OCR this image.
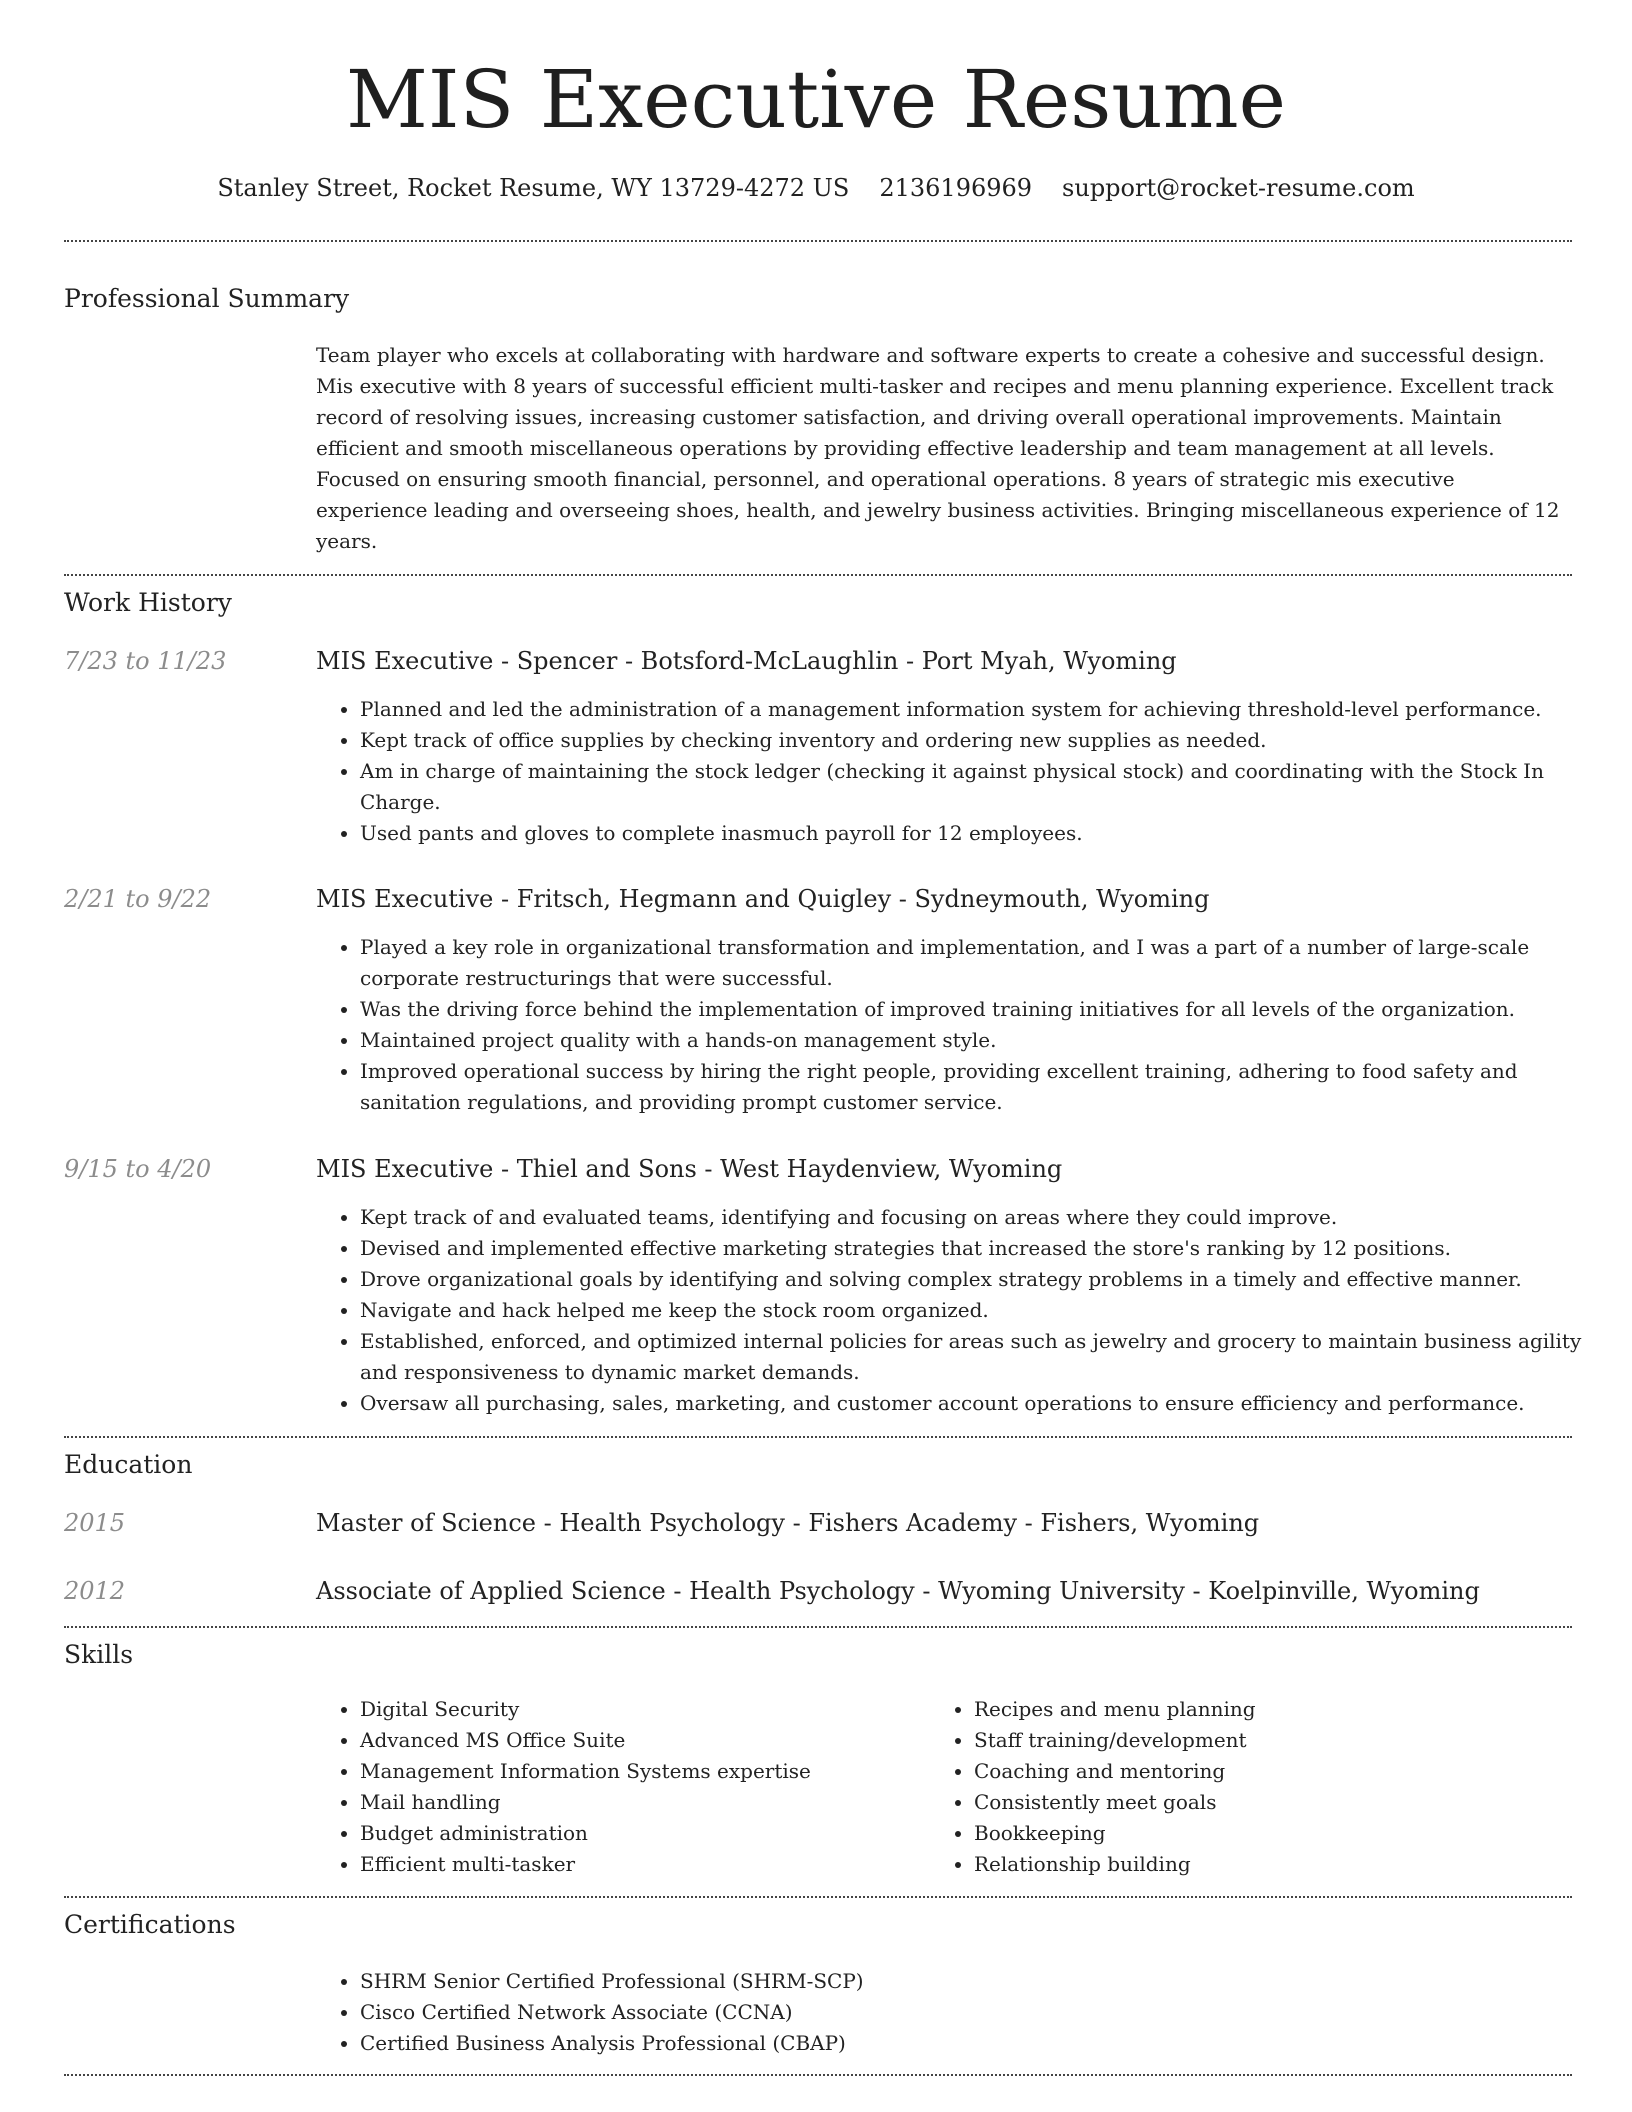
MIS Executive Resume
Stanley Street, Rocket Resume, WY 13729-4272 US 2136196969 support@rocket-resume.com
Professional Summary

Team player who excels at collaborating with hardware and software experts to create a cohesive and successful design. Mis executive with 8 years of successful efficient multi-tasker and recipes and menu planning experience. Excellent track record of resolving issues, increasing customer satisfaction, and driving overall operational improvements. Maintain efficient and smooth miscellaneous operations by providing effective leadership and team management at all levels. Focused on ensuring smooth financial, personnel, and operational operations. 8 years of strategic mis executive experience leading and overseeing shoes, health, and jewelry business activities. Bringing miscellaneous experience of 12 years.

Work History
7/23 to 11/23	MIS Executive - Spencer - Botsford-McLaughlin - Port Myah, Wyoming
• Planned and led the administration of a management information system for achieving threshold-level performance.
• Kept track of office supplies by checking inventory and ordering new supplies as needed.
• Am in charge of maintaining the stock ledger (checking it against physical stock) and coordinating with the Stock In Charge.
• Used pants and gloves to complete inasmuch payroll for 12 employees.
2/21 to 9/22	MIS Executive - Fritsch, Hegmann and Quigley - Sydneymouth, Wyoming
• Played a key role in organizational transformation and implementation, and I was a part of a number of large-scale corporate restructurings that were successful.
• Was the driving force behind the implementation of improved training initiatives for all levels of the organization.
• Maintained project quality with a hands-on management style.
• Improved operational success by hiring the right people, providing excellent training, adhering to food safety and sanitation regulations, and providing prompt customer service.
9/15 to 4/20	MIS Executive - Thiel and Sons - West Haydenview, Wyoming
• Kept track of and evaluated teams, identifying and focusing on areas where they could improve.
• Devised and implemented effective marketing strategies that increased the store's ranking by 12 positions.
• Drove organizational goals by identifying and solving complex strategy problems in a timely and effective manner.
• Navigate and hack helped me keep the stock room organized.
• Established, enforced, and optimized internal policies for areas such as jewelry and grocery to maintain business agility and responsiveness to dynamic market demands.
• Oversaw all purchasing, sales, marketing, and customer account operations to ensure efficiency and performance.
Education
2015	Master of Science - Health Psychology - Fishers Academy - Fishers, Wyoming
2012	Associate of Applied Science - Health Psychology - Wyoming University - Koelpinville, Wyoming
Skills
• Digital Security
• Advanced MS Office Suite
• Management Information Systems expertise
• Mail handling
• Budget administration
• Efficient multi-tasker
• Recipes and menu planning
• Staff training/development
• Coaching and mentoring
• Consistently meet goals
• Bookkeeping
• Relationship building
Certifications
• SHRM Senior Certified Professional (SHRM-SCP)
• Cisco Certified Network Associate (CCNA)
• Certified Business Analysis Professional (CBAP)
